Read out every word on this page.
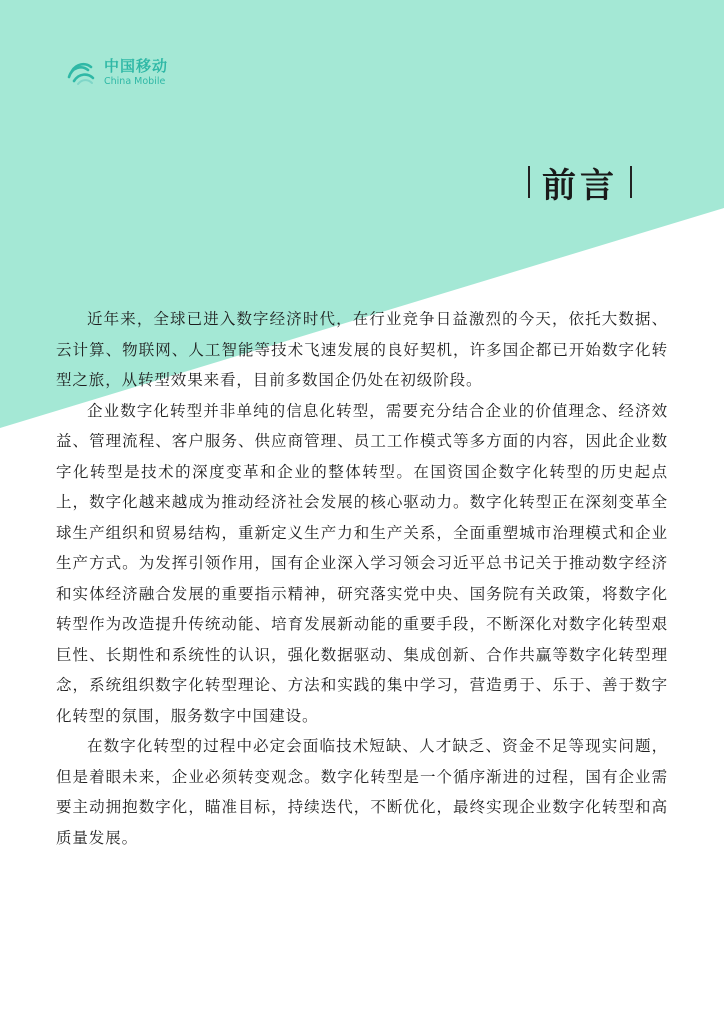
中国移动
China Mobile
前言

近年来，全球已进入数字经济时代，在行业竞争日益激烈的今天，依托大数据、云计算、物联网、人工智能等技术飞速发展的良好契机，许多国企都已开始数字化转型之旅，从转型效果来看，目前多数国企仍处在初级阶段。

企业数字化转型并非单纯的信息化转型，需要充分结合企业的价值理念、经济效益、管理流程、客户服务、供应商管理、员工工作模式等多方面的内容，因此企业数字化转型是技术的深度变革和企业的整体转型。在国资国企数字化转型的历史起点上，数字化越来越成为推动经济社会发展的核心驱动力。数字化转型正在深刻变革全球生产组织和贸易结构，重新定义生产力和生产关系，全面重塑城市治理模式和企业生产方式。为发挥引领作用，国有企业深入学习领会习近平总书记关于推动数字经济和实体经济融合发展的重要指示精神，研究落实党中央、国务院有关政策，将数字化转型作为改造提升传统动能、培育发展新动能的重要手段，不断深化对数字化转型艰巨性、长期性和系统性的认识，强化数据驱动、集成创新、合作共赢等数字化转型理念，系统组织数字化转型理论、方法和实践的集中学习，营造勇于、乐于、善于数字化转型的氛围，服务数字中国建设。

在数字化转型的过程中必定会面临技术短缺、人才缺乏、资金不足等现实问题，但是着眼未来，企业必须转变观念。数字化转型是一个循序渐进的过程，国有企业需要主动拥抱数字化，瞄准目标，持续迭代，不断优化，最终实现企业数字化转型和高质量发展。
